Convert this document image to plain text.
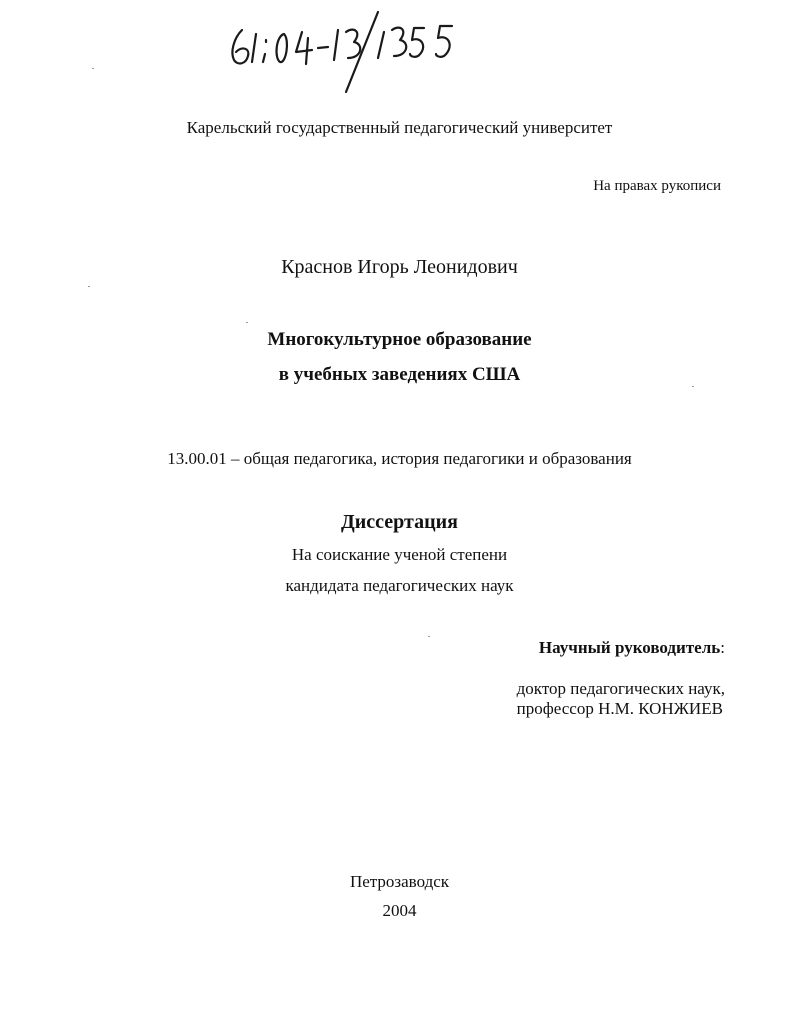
Карельский государственный педагогический университет
На правах рукописи
Краснов Игорь Леонидович
Многокультурное образование
в учебных заведениях США
13.00.01 – общая педагогика, история педагогики и образования
Диссертация
На соискание ученой степени
кандидата педагогических наук
Научный руководитель:
доктор педагогических наук,
профессор Н.М. КОНЖИЕВ
Петрозаводск
2004
